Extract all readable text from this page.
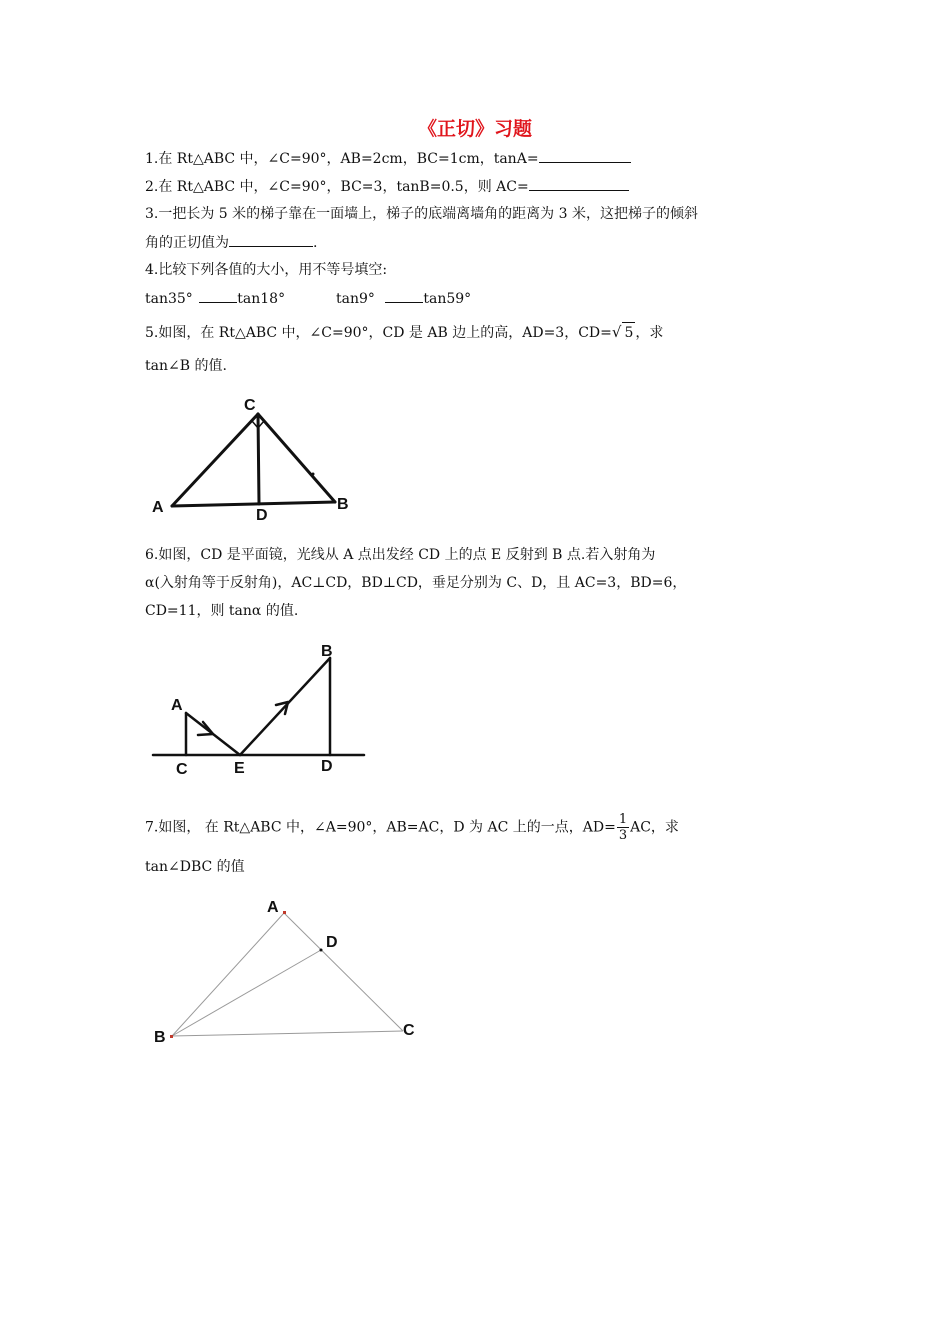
《正切》习题
1.在 Rt△ABC 中，∠C=90°，AB=2cm，BC=1cm，tanA=
2.在 Rt△ABC 中，∠C=90°，BC=3，tanB=0.5，则 AC=
3.一把长为 5 米的梯子靠在一面墙上，梯子的底端离墙角的距离为 3 米，这把梯子的倾斜
角的正切值为	.
4.比较下列各值的大小，用不等号填空:
tan35°	tan18°	tan9°	tan59°
5.如图，在 Rt△ABC 中，∠C=90°，CD 是 AB 边上的高，AD=3，CD=√ 5 ，求
tan∠B 的值.
C
A	B
D
6.如图，CD 是平面镜，光线从 A 点出发经 CD 上的点 E 反射到 B 点.若入射角为
α(入射角等于反射角)，AC⊥CD，BD⊥CD，垂足分别为 C、D，且 AC=3，BD=6，
CD=11，则 tanα 的值.
A
B
C	E	D
7.如图， 在 Rt△ABC 中，∠A=90°，AB=AC，D 为 AC 上的一点，$AD= \frac{1}{3}$ AC，求
tan∠DBC 的值
A
D
B	C
